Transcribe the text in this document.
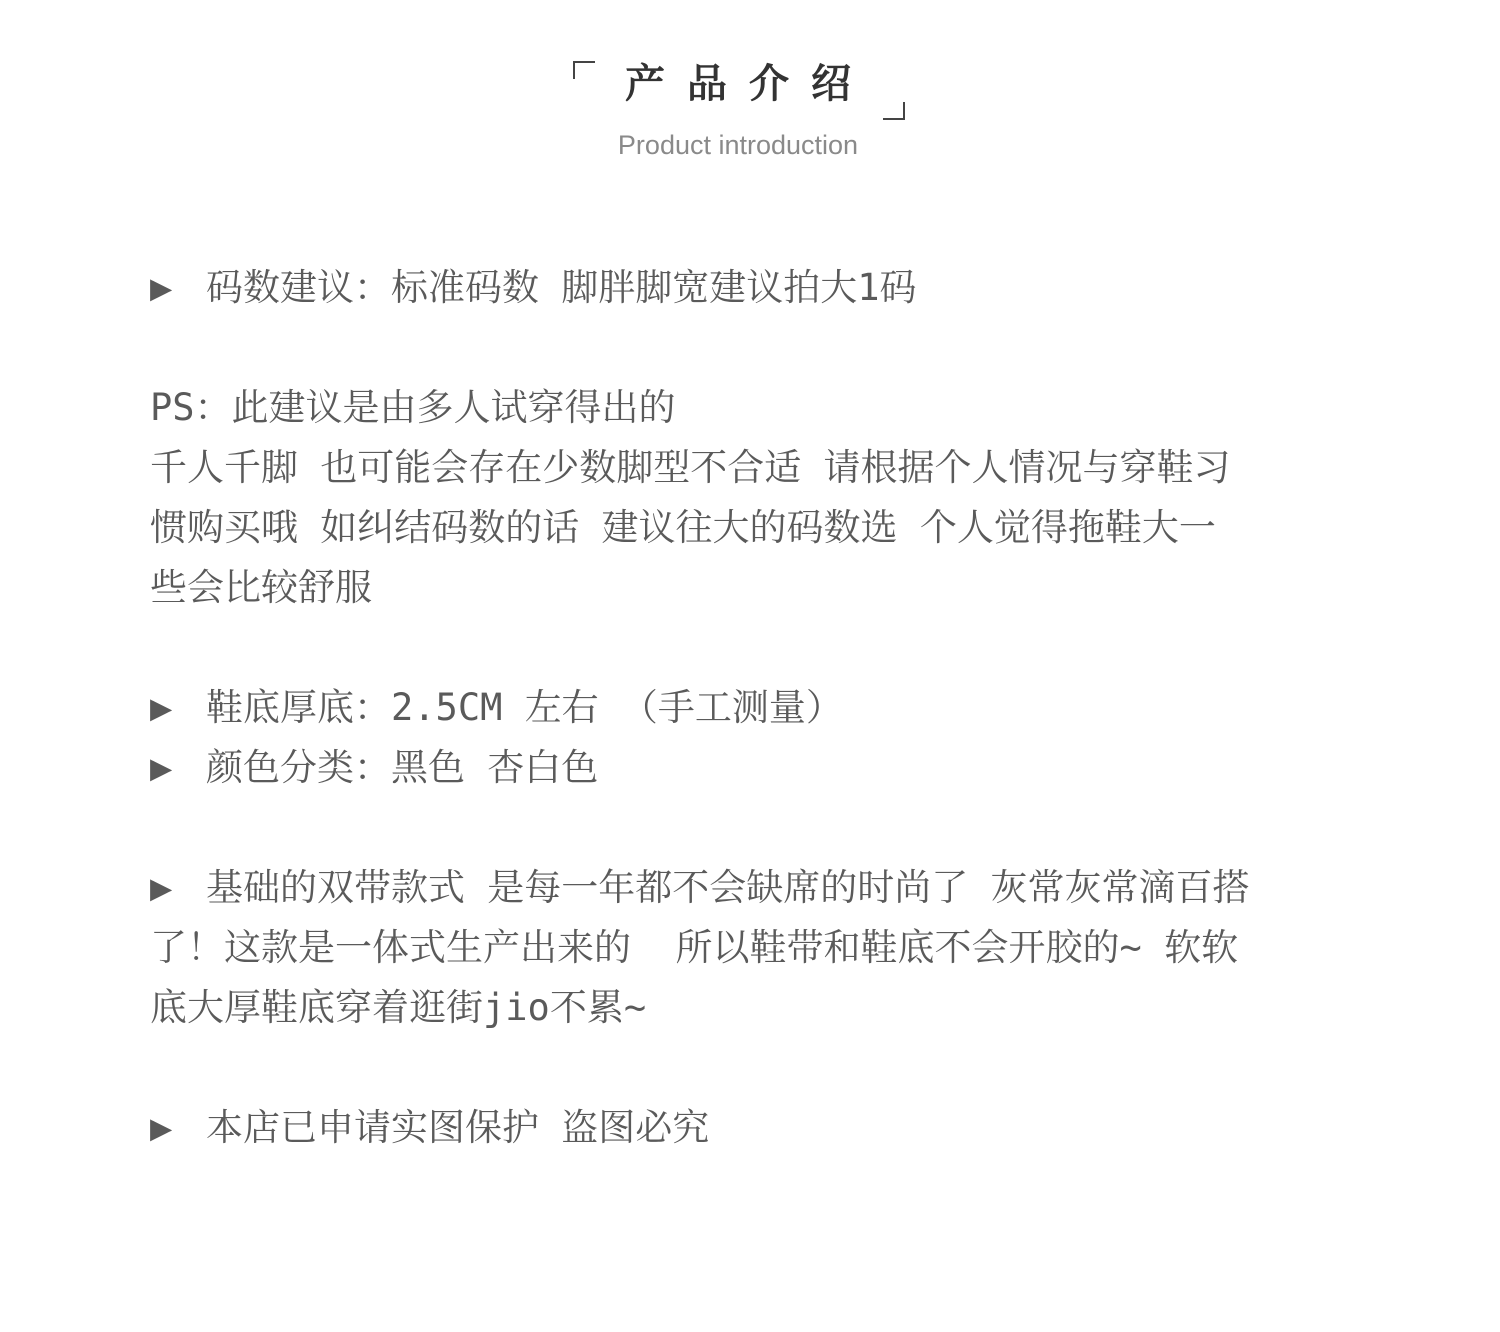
产品介绍
Product introduction

▶ 码数建议：标准码数 脚胖脚宽建议拍大1码

PS：此建议是由多人试穿得出的

千人千脚 也可能会存在少数脚型不合适 请根据个人情况与穿鞋习

惯购买哦 如纠结码数的话 建议往大的码数选 个人觉得拖鞋大一

些会比较舒服

▶ 鞋底厚底：2.5CM 左右 （手工测量）

▶ 颜色分类：黑色 杏白色

▶ 基础的双带款式 是每一年都不会缺席的时尚了 灰常灰常滴百搭

了！这款是一体式生产出来的  所以鞋带和鞋底不会开胶的~ 软软

底大厚鞋底穿着逛街jio不累~

▶ 本店已申请实图保护 盗图必究
